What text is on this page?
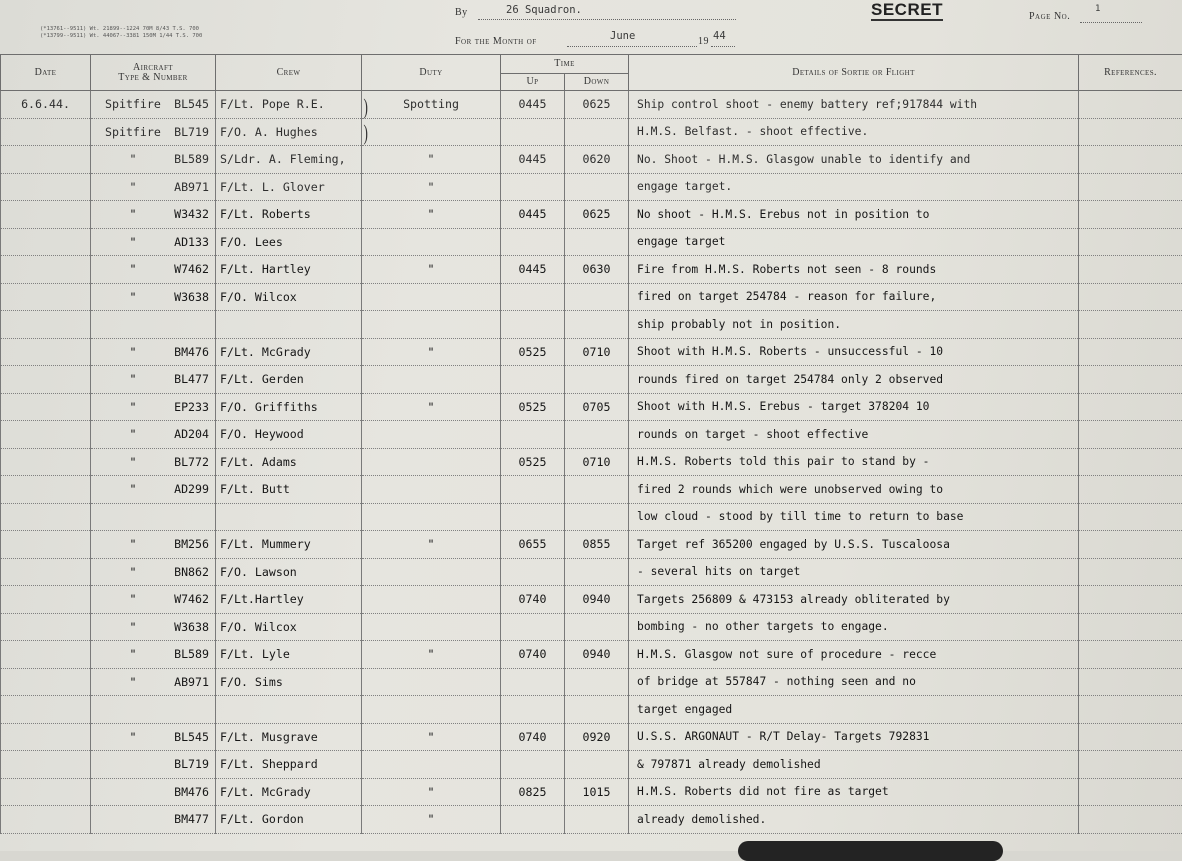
(*13761--9511) Wt. 21899--1224 70M 8/43 T.S. 700
(*13799--9511) Wt. 44067--3381 150M 1/44 T.S. 700
By	26 Squadron.
For the Month of	June	19 44
SECRET	Page No.
1
Date	Aircraft
Type & Number	Crew	Duty	Time		Details of Sortie or Flight	References.
				Up	Down		
6.6.44.	Spitfire BL545	F/Lt. Pope R.E.	Spotting	0445	0625	Ship control shoot - enemy battery ref;917844 with	
	Spitfire BL719	F/O. A. Hughes				H.M.S. Belfast. - shoot effective.	
	" BL589	S/Ldr. A. Fleming,	"	0445	0620	No. Shoot - H.M.S. Glasgow unable to identify and	
	" AB971	F/Lt. L. Glover	"			engage target.	
	" W3432	F/Lt. Roberts	"	0445	0625	No shoot - H.M.S. Erebus not in position to	
	" AD133	F/O. Lees				engage target	
	" W7462	F/Lt. Hartley	"	0445	0630	Fire from H.M.S. Roberts not seen - 8 rounds	
	" W3638	F/O. Wilcox				fired on target 254784 - reason for failure,	
						ship probably not in position.	
	" BM476	F/Lt. McGrady	"	0525	0710	Shoot with H.M.S. Roberts - unsuccessful - 10	
	" BL477	F/Lt. Gerden				rounds fired on target 254784 only 2 observed	
	" EP233	F/O. Griffiths	"	0525	0705	Shoot with H.M.S. Erebus - target 378204 10	
	" AD204	F/O. Heywood				rounds on target - shoot effective	
	" BL772	F/Lt. Adams		0525	0710	H.M.S. Roberts told this pair to stand by -	
	" AD299	F/Lt. Butt				fired 2 rounds which were unobserved owing to	
						low cloud - stood by till time to return to base	
	" BM256	F/Lt. Mummery	"	0655	0855	Target ref 365200 engaged by U.S.S. Tuscaloosa	
	" BN862	F/O. Lawson				- several hits on target	
	" W7462	F/Lt.Hartley		0740	0940	Targets 256809 & 473153 already obliterated by	
	" W3638	F/O. Wilcox				bombing - no other targets to engage.	
	" BL589	F/Lt. Lyle	"	0740	0940	H.M.S. Glasgow not sure of procedure - recce	
	" AB971	F/O. Sims				of bridge at 557847 - nothing seen and no	
						target engaged	
	" BL545	F/Lt. Musgrave	"	0740	0920	U.S.S. ARGONAUT - R/T Delay- Targets 792831	
	BL719	F/Lt. Sheppard				& 797871 already demolished	
	BM476	F/Lt. McGrady	"	0825	1015	H.M.S. Roberts did not fire as target	
	BM477	F/Lt. Gordon	"			already demolished.	
)
)
